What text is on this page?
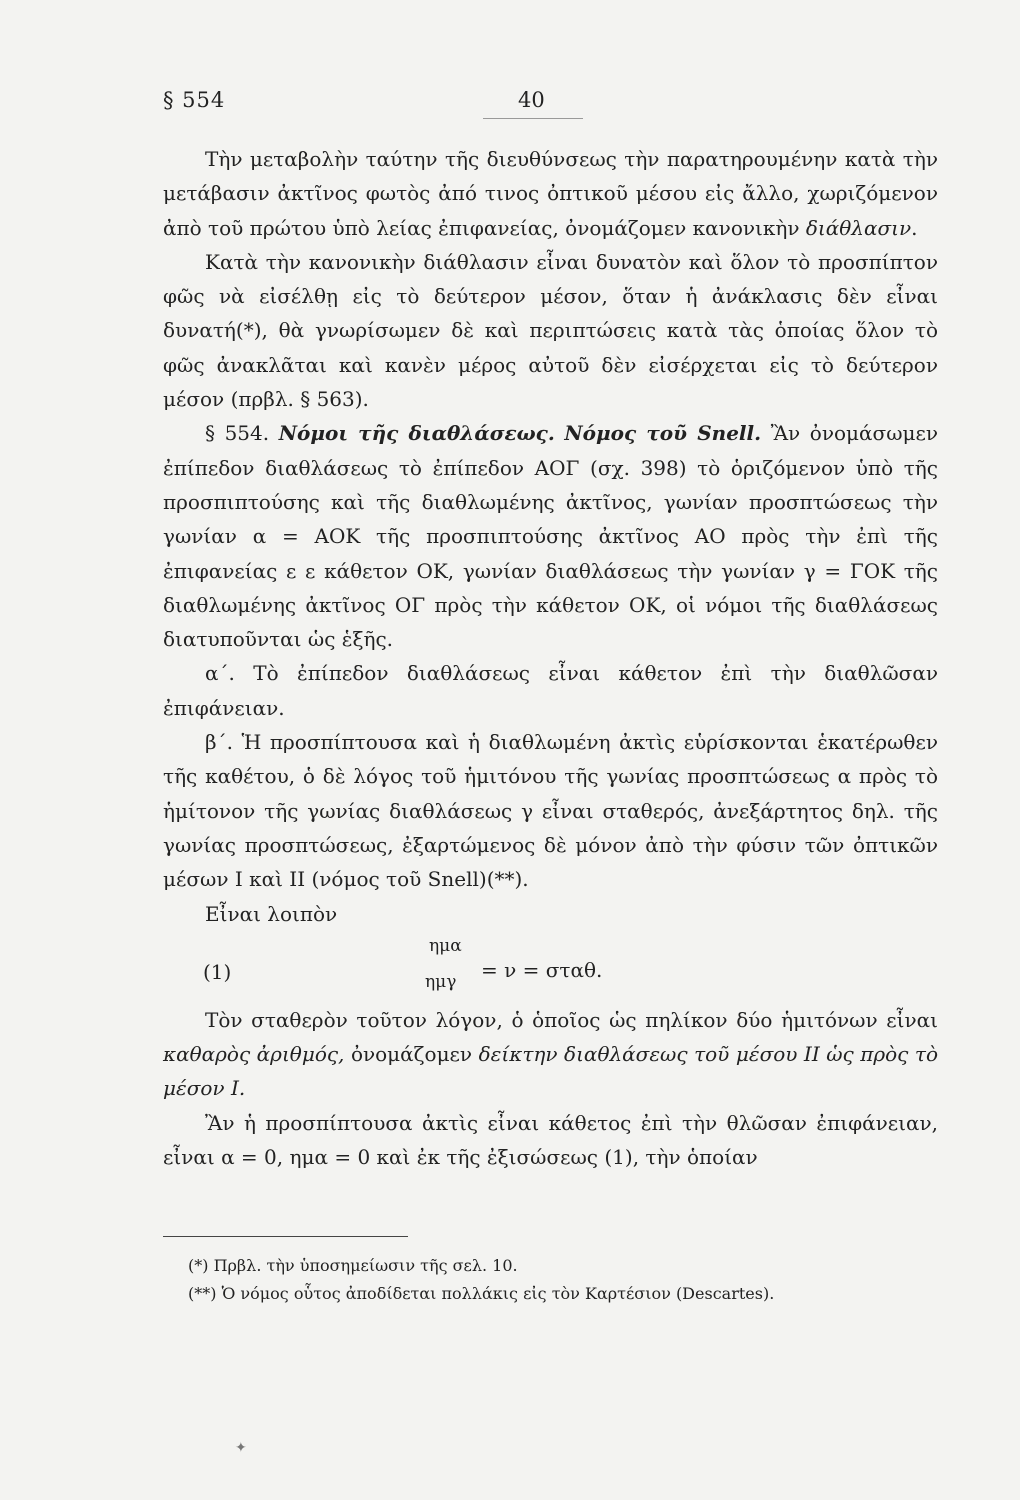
§ 554	40

Τὴν μεταβολὴν ταύτην τῆς διευθύνσεως τὴν παρατηρουμένην κατὰ τὴν μετάβασιν ἀκτῖνος φωτὸς ἀπό τινος ὀπτικοῦ μέσου εἰς ἄλλο, χωριζόμενον ἀπὸ τοῦ πρώτου ὑπὸ λείας ἐπιφανείας, ὀνομάζομεν κανονικὴν διάθλασιν.

Κατὰ τὴν κανονικὴν διάθλασιν εἶναι δυνατὸν καὶ ὅλον τὸ προσπίπτον φῶς νὰ εἰσέλθῃ εἰς τὸ δεύτερον μέσον, ὅταν ἡ ἀνάκλασις δὲν εἶναι δυνατή(*), θὰ γνωρίσωμεν δὲ καὶ περιπτώσεις κατὰ τὰς ὁποίας ὅλον τὸ φῶς ἀνακλᾶται καὶ κανὲν μέρος αὐτοῦ δὲν εἰσέρχεται εἰς τὸ δεύτερον μέσον (πρβλ. § 563).

§ 554. Νόμοι τῆς διαθλάσεως. Νόμος τοῦ Snell. Ἂν ὀνομάσωμεν ἐπίπεδον διαθλάσεως τὸ ἐπίπεδον ΑΟΓ (σχ. 398) τὸ ὁριζόμενον ὑπὸ τῆς προσπιπτούσης καὶ τῆς διαθλωμένης ἀκτῖνος, γωνίαν προσπτώσεως τὴν γωνίαν α = ΑΟΚ τῆς προσπιπτούσης ἀκτῖνος ΑΟ πρὸς τὴν ἐπὶ τῆς ἐπιφανείας ε ε κάθετον ΟΚ, γωνίαν διαθλάσεως τὴν γωνίαν γ = ΓΟΚ τῆς διαθλωμένης ἀκτῖνος ΟΓ πρὸς τὴν κάθετον ΟΚ, οἱ νόμοι τῆς διαθλάσεως διατυποῦνται ὡς ἑξῆς.

α΄. Τὸ ἐπίπεδον διαθλάσεως εἶναι κάθετον ἐπὶ τὴν διαθλῶσαν ἐπιφάνειαν.

β΄. Ἡ προσπίπτουσα καὶ ἡ διαθλωμένη ἀκτὶς εὑρίσκονται ἑκατέρωθεν τῆς καθέτου, ὁ δὲ λόγος τοῦ ἡμιτόνου τῆς γωνίας προσπτώσεως α πρὸς τὸ ἡμίτονον τῆς γωνίας διαθλάσεως γ εἶναι σταθερός, ἀνεξάρτητος δηλ. τῆς γωνίας προσπτώσεως, ἐξαρτώμενος δὲ μόνον ἀπὸ τὴν φύσιν τῶν ὀπτικῶν μέσων I καὶ II (νόμος τοῦ Snell)(**).

Εἶναι λοιπὸν

(1)
ημα
ημγ = ν = σταθ.

Τὸν σταθερὸν τοῦτον λόγον, ὁ ὁποῖος ὡς πηλίκον δύο ἡμιτόνων εἶναι καθαρὸς ἀριθμός, ὀνομάζομεν δείκτην διαθλάσεως τοῦ μέσου II ὡς πρὸς τὸ μέσον I.

Ἂν ἡ προσπίπτουσα ἀκτὶς εἶναι κάθετος ἐπὶ τὴν θλῶσαν ἐπιφάνειαν, εἶναι α = 0, ημα = 0 καὶ ἐκ τῆς ἐξισώσεως (1), τὴν ὁποίαν

(*) Πρβλ. τὴν ὑποσημείωσιν τῆς σελ. 10.

(**) Ὁ νόμος οὗτος ἀποδίδεται πολλάκις εἰς τὸν Καρτέσιον (Descartes).

✦
